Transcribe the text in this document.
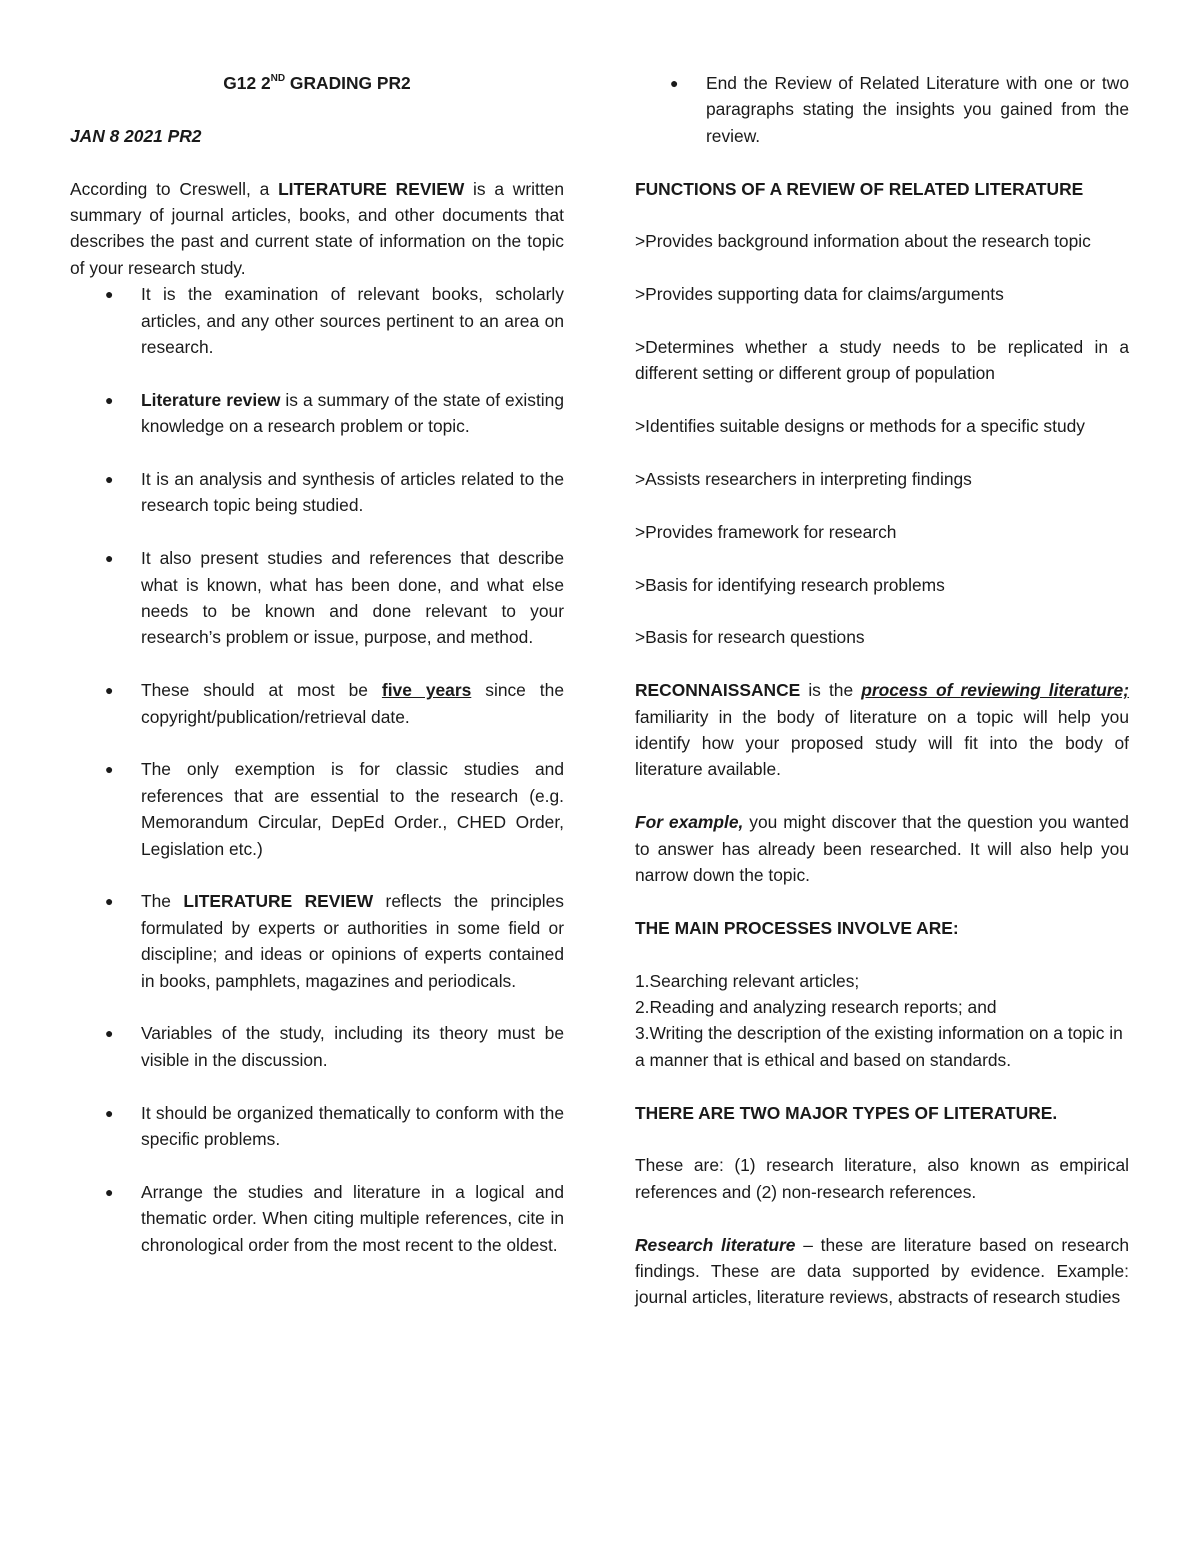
G12 2ND GRADING PR2

JAN 8 2021 PR2

According to Creswell, a LITERATURE REVIEW is a written summary of journal articles, books, and other documents that describes the past and current state of information on the topic of your research study.

● It is the examination of relevant books, scholarly articles, and any other sources pertinent to an area on research.
● Literature review is a summary of the state of existing knowledge on a research problem or topic.
● It is an analysis and synthesis of articles related to the research topic being studied.
● It also present studies and references that describe what is known, what has been done, and what else needs to be known and done relevant to your research’s problem or issue, purpose, and method.
● These should at most be five years since the copyright/publication/retrieval date.
● The only exemption is for classic studies and references that are essential to the research (e.g. Memorandum Circular, DepEd Order., CHED Order, Legislation etc.)
● The LITERATURE REVIEW reflects the principles formulated by experts or authorities in some field or discipline; and ideas or opinions of experts contained in books, pamphlets, magazines and periodicals.
● Variables of the study, including its theory must be visible in the discussion.
● It should be organized thematically to conform with the specific problems.
● Arrange the studies and literature in a logical and thematic order. When citing multiple references, cite in chronological order from the most recent to the oldest.
● End the Review of Related Literature with one or two paragraphs stating the insights you gained from the review.

FUNCTIONS OF A REVIEW OF RELATED LITERATURE

>Provides background information about the research topic

>Provides supporting data for claims/arguments

>Determines whether a study needs to be replicated in a different setting or different group of population

>Identifies suitable designs or methods for a specific study

>Assists researchers in interpreting findings

>Provides framework for research

>Basis for identifying research problems

>Basis for research questions

RECONNAISSANCE is the process of reviewing literature; familiarity in the body of literature on a topic will help you identify how your proposed study will fit into the body of literature available.

For example, you might discover that the question you wanted to answer has already been researched. It will also help you narrow down the topic.

THE MAIN PROCESSES INVOLVE ARE:

1.Searching relevant articles;

2.Reading and analyzing research reports; and

3.Writing the description of the existing information on a topic in a manner that is ethical and based on standards.

THERE ARE TWO MAJOR TYPES OF LITERATURE.

These are: (1) research literature, also known as empirical references and (2) non-research references.

Research literature – these are literature based on research findings. These are data supported by evidence. Example: journal articles, literature reviews, abstracts of research studies
